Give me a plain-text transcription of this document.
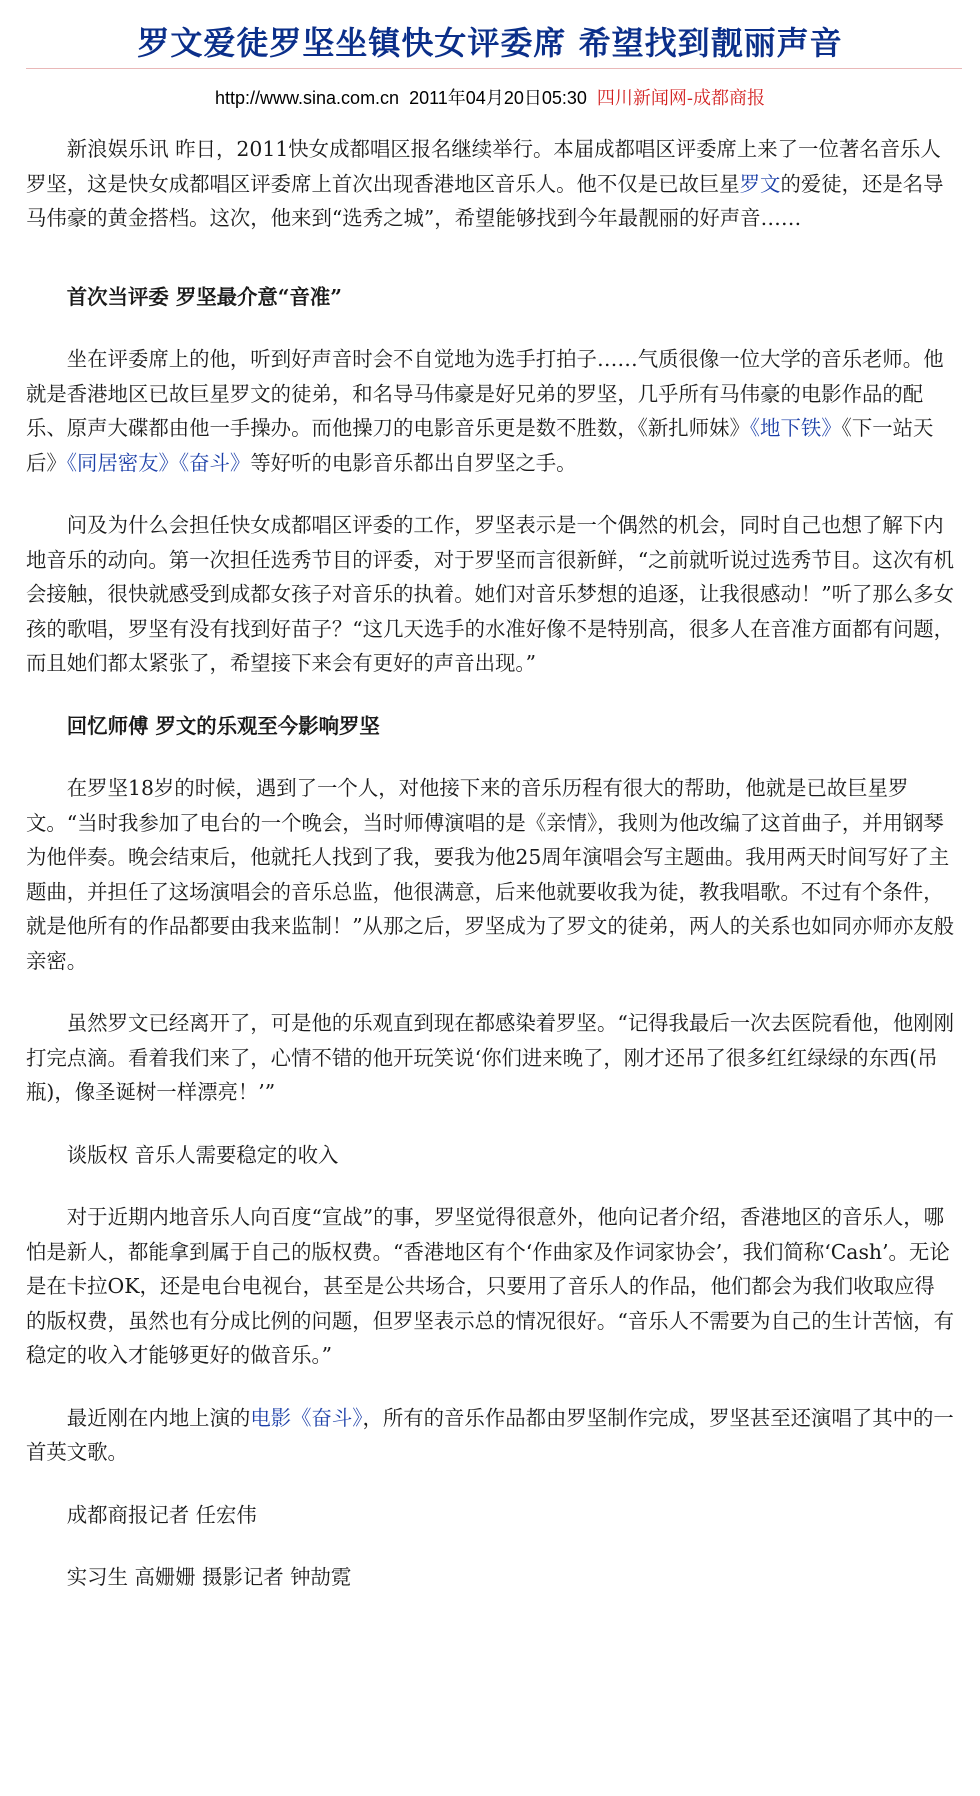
罗文爱徒罗坚坐镇快女评委席 希望找到靓丽声音
http://www.sina.com.cn 2011年04月20日05:30 四川新闻网-成都商报

新浪娱乐讯 昨日，2011快女成都唱区报名继续举行。本届成都唱区评委席上来了一位著名音乐人罗坚，这是快女成都唱区评委席上首次出现香港地区音乐人。他不仅是已故巨星罗文的爱徒，还是名导马伟豪的黄金搭档。这次，他来到“选秀之城”，希望能够找到今年最靓丽的好声音……

首次当评委 罗坚最介意“音准”

坐在评委席上的他，听到好声音时会不自觉地为选手打拍子……气质很像一位大学的音乐老师。他就是香港地区已故巨星罗文的徒弟，和名导马伟豪是好兄弟的罗坚，几乎所有马伟豪的电影作品的配乐、原声大碟都由他一手操办。而他操刀的电影音乐更是数不胜数，《新扎师妹》《地下铁》《下一站天后》《同居密友》《奋斗》等好听的电影音乐都出自罗坚之手。

问及为什么会担任快女成都唱区评委的工作，罗坚表示是一个偶然的机会，同时自己也想了解下内地音乐的动向。第一次担任选秀节目的评委，对于罗坚而言很新鲜，“之前就听说过选秀节目。这次有机会接触，很快就感受到成都女孩子对音乐的执着。她们对音乐梦想的追逐，让我很感动！”听了那么多女孩的歌唱，罗坚有没有找到好苗子？“这几天选手的水准好像不是特别高，很多人在音准方面都有问题，而且她们都太紧张了，希望接下来会有更好的声音出现。”

回忆师傅 罗文的乐观至今影响罗坚

在罗坚18岁的时候，遇到了一个人，对他接下来的音乐历程有很大的帮助，他就是已故巨星罗文。“当时我参加了电台的一个晚会，当时师傅演唱的是《亲情》，我则为他改编了这首曲子，并用钢琴为他伴奏。晚会结束后，他就托人找到了我，要我为他25周年演唱会写主题曲。我用两天时间写好了主题曲，并担任了这场演唱会的音乐总监，他很满意，后来他就要收我为徒，教我唱歌。不过有个条件，就是他所有的作品都要由我来监制！”从那之后，罗坚成为了罗文的徒弟，两人的关系也如同亦师亦友般亲密。

虽然罗文已经离开了，可是他的乐观直到现在都感染着罗坚。“记得我最后一次去医院看他，他刚刚打完点滴。看着我们来了，心情不错的他开玩笑说‘你们进来晚了，刚才还吊了很多红红绿绿的东西(吊瓶)，像圣诞树一样漂亮！’”

谈版权 音乐人需要稳定的收入

对于近期内地音乐人向百度“宣战”的事，罗坚觉得很意外，他向记者介绍，香港地区的音乐人，哪怕是新人，都能拿到属于自己的版权费。“香港地区有个‘作曲家及作词家协会’，我们简称‘Cash’。无论是在卡拉OK，还是电台电视台，甚至是公共场合，只要用了音乐人的作品，他们都会为我们收取应得的版权费，虽然也有分成比例的问题，但罗坚表示总的情况很好。“音乐人不需要为自己的生计苦恼，有稳定的收入才能够更好的做音乐。”

最近刚在内地上演的电影《奋斗》，所有的音乐作品都由罗坚制作完成，罗坚甚至还演唱了其中的一首英文歌。

成都商报记者 任宏伟

实习生 高姗姗 摄影记者 钟劼霓
